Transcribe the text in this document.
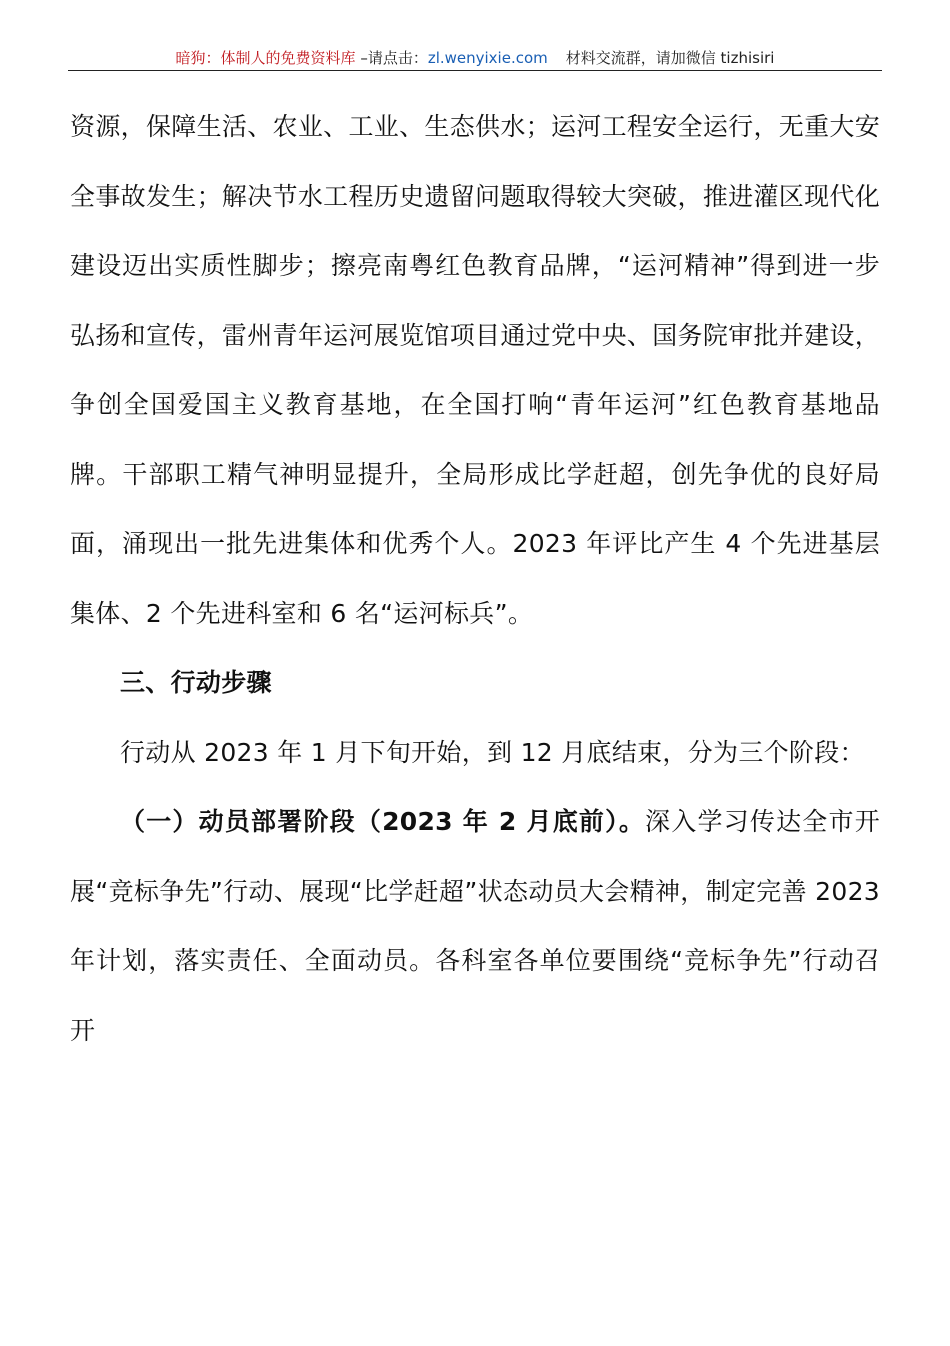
暗狗：体制人的免费资料库 –请点击：zl.wenyixie.com 材料交流群，请加微信 tizhisiri

资源，保障生活、农业、工业、生态供水；运河工程安全运行，无重大安全事故发生；解决节水工程历史遗留问题取得较大突破，推进灌区现代化建设迈出实质性脚步；擦亮南粤红色教育品牌，“运河精神”得到进一步弘扬和宣传，雷州青年运河展览馆项目通过党中央、国务院审批并建设，争创全国爱国主义教育基地，在全国打响“青年运河”红色教育基地品牌。干部职工精气神明显提升，全局形成比学赶超，创先争优的良好局面，涌现出一批先进集体和优秀个人。2023 年评比产生 4 个先进基层集体、2 个先进科室和 6 名“运河标兵”。

三、行动步骤

行动从 2023 年 1 月下旬开始，到 12 月底结束，分为三个阶段：

（一）动员部署阶段（2023 年 2 月底前）。深入学习传达全市开展“竞标争先”行动、展现“比学赶超”状态动员大会精神，制定完善 2023 年计划，落实责任、全面动员。各科室各单位要围绕“竞标争先”行动召开
